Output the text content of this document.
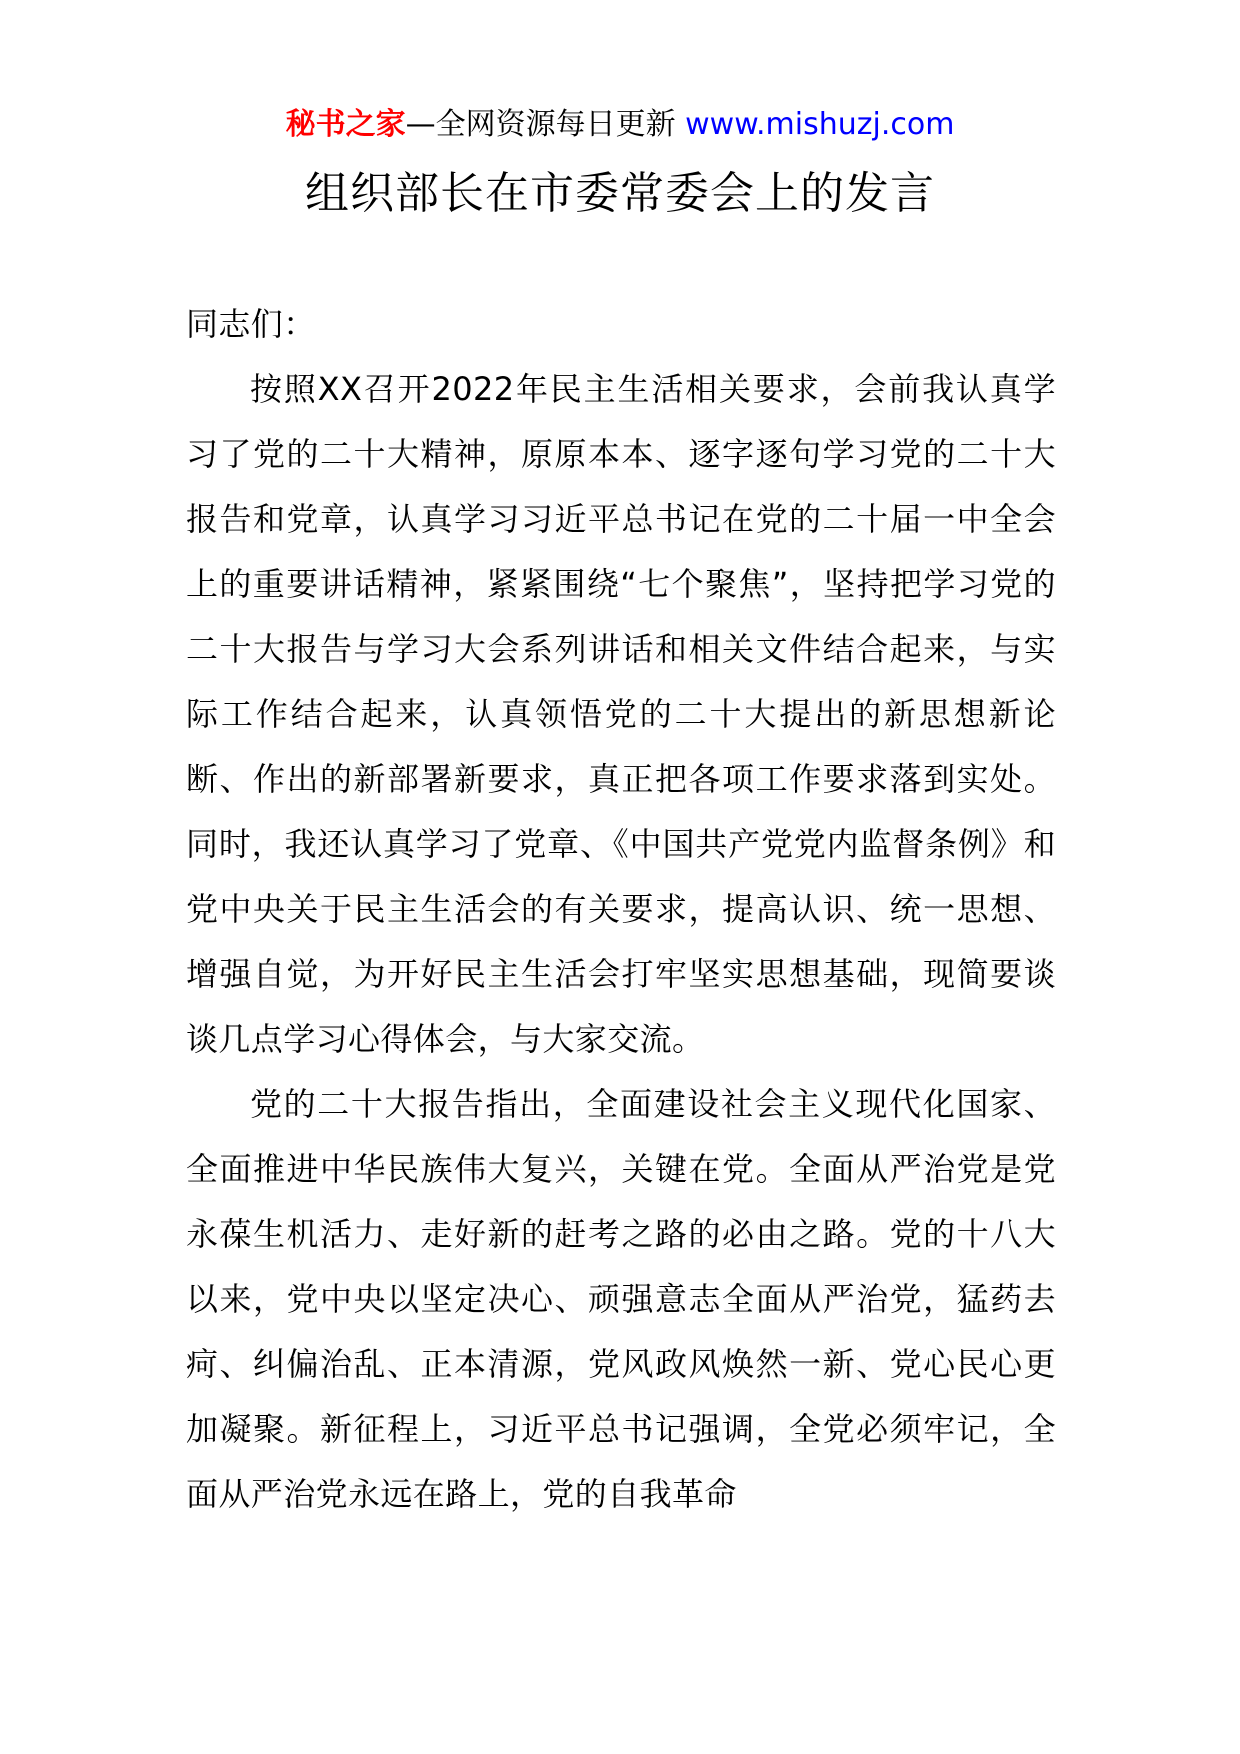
秘书之家—全网资源每日更新 www.mishuzj.com
组织部长在市委常委会上的发言

同志们：

按照XX召开2022年民主生活相关要求，会前我认真学习了党的二十大精神，原原本本、逐字逐句学习党的二十大报告和党章，认真学习习近平总书记在党的二十届一中全会上的重要讲话精神，紧紧围绕“七个聚焦”，坚持把学习党的二十大报告与学习大会系列讲话和相关文件结合起来，与实际工作结合起来，认真领悟党的二十大提出的新思想新论断、作出的新部署新要求，真正把各项工作要求落到实处。同时，我还认真学习了党章、《中国共产党党内监督条例》和党中央关于民主生活会的有关要求，提高认识、统一思想、增强自觉，为开好民主生活会打牢坚实思想基础，现简要谈谈几点学习心得体会，与大家交流。

党的二十大报告指出，全面建设社会主义现代化国家、全面推进中华民族伟大复兴，关键在党。全面从严治党是党永葆生机活力、走好新的赶考之路的必由之路。党的十八大以来，党中央以坚定决心、顽强意志全面从严治党，猛药去疴、纠偏治乱、正本清源，党风政风焕然一新、党心民心更加凝聚。新征程上，习近平总书记强调，全党必须牢记，全面从严治党永远在路上，党的自我革命
